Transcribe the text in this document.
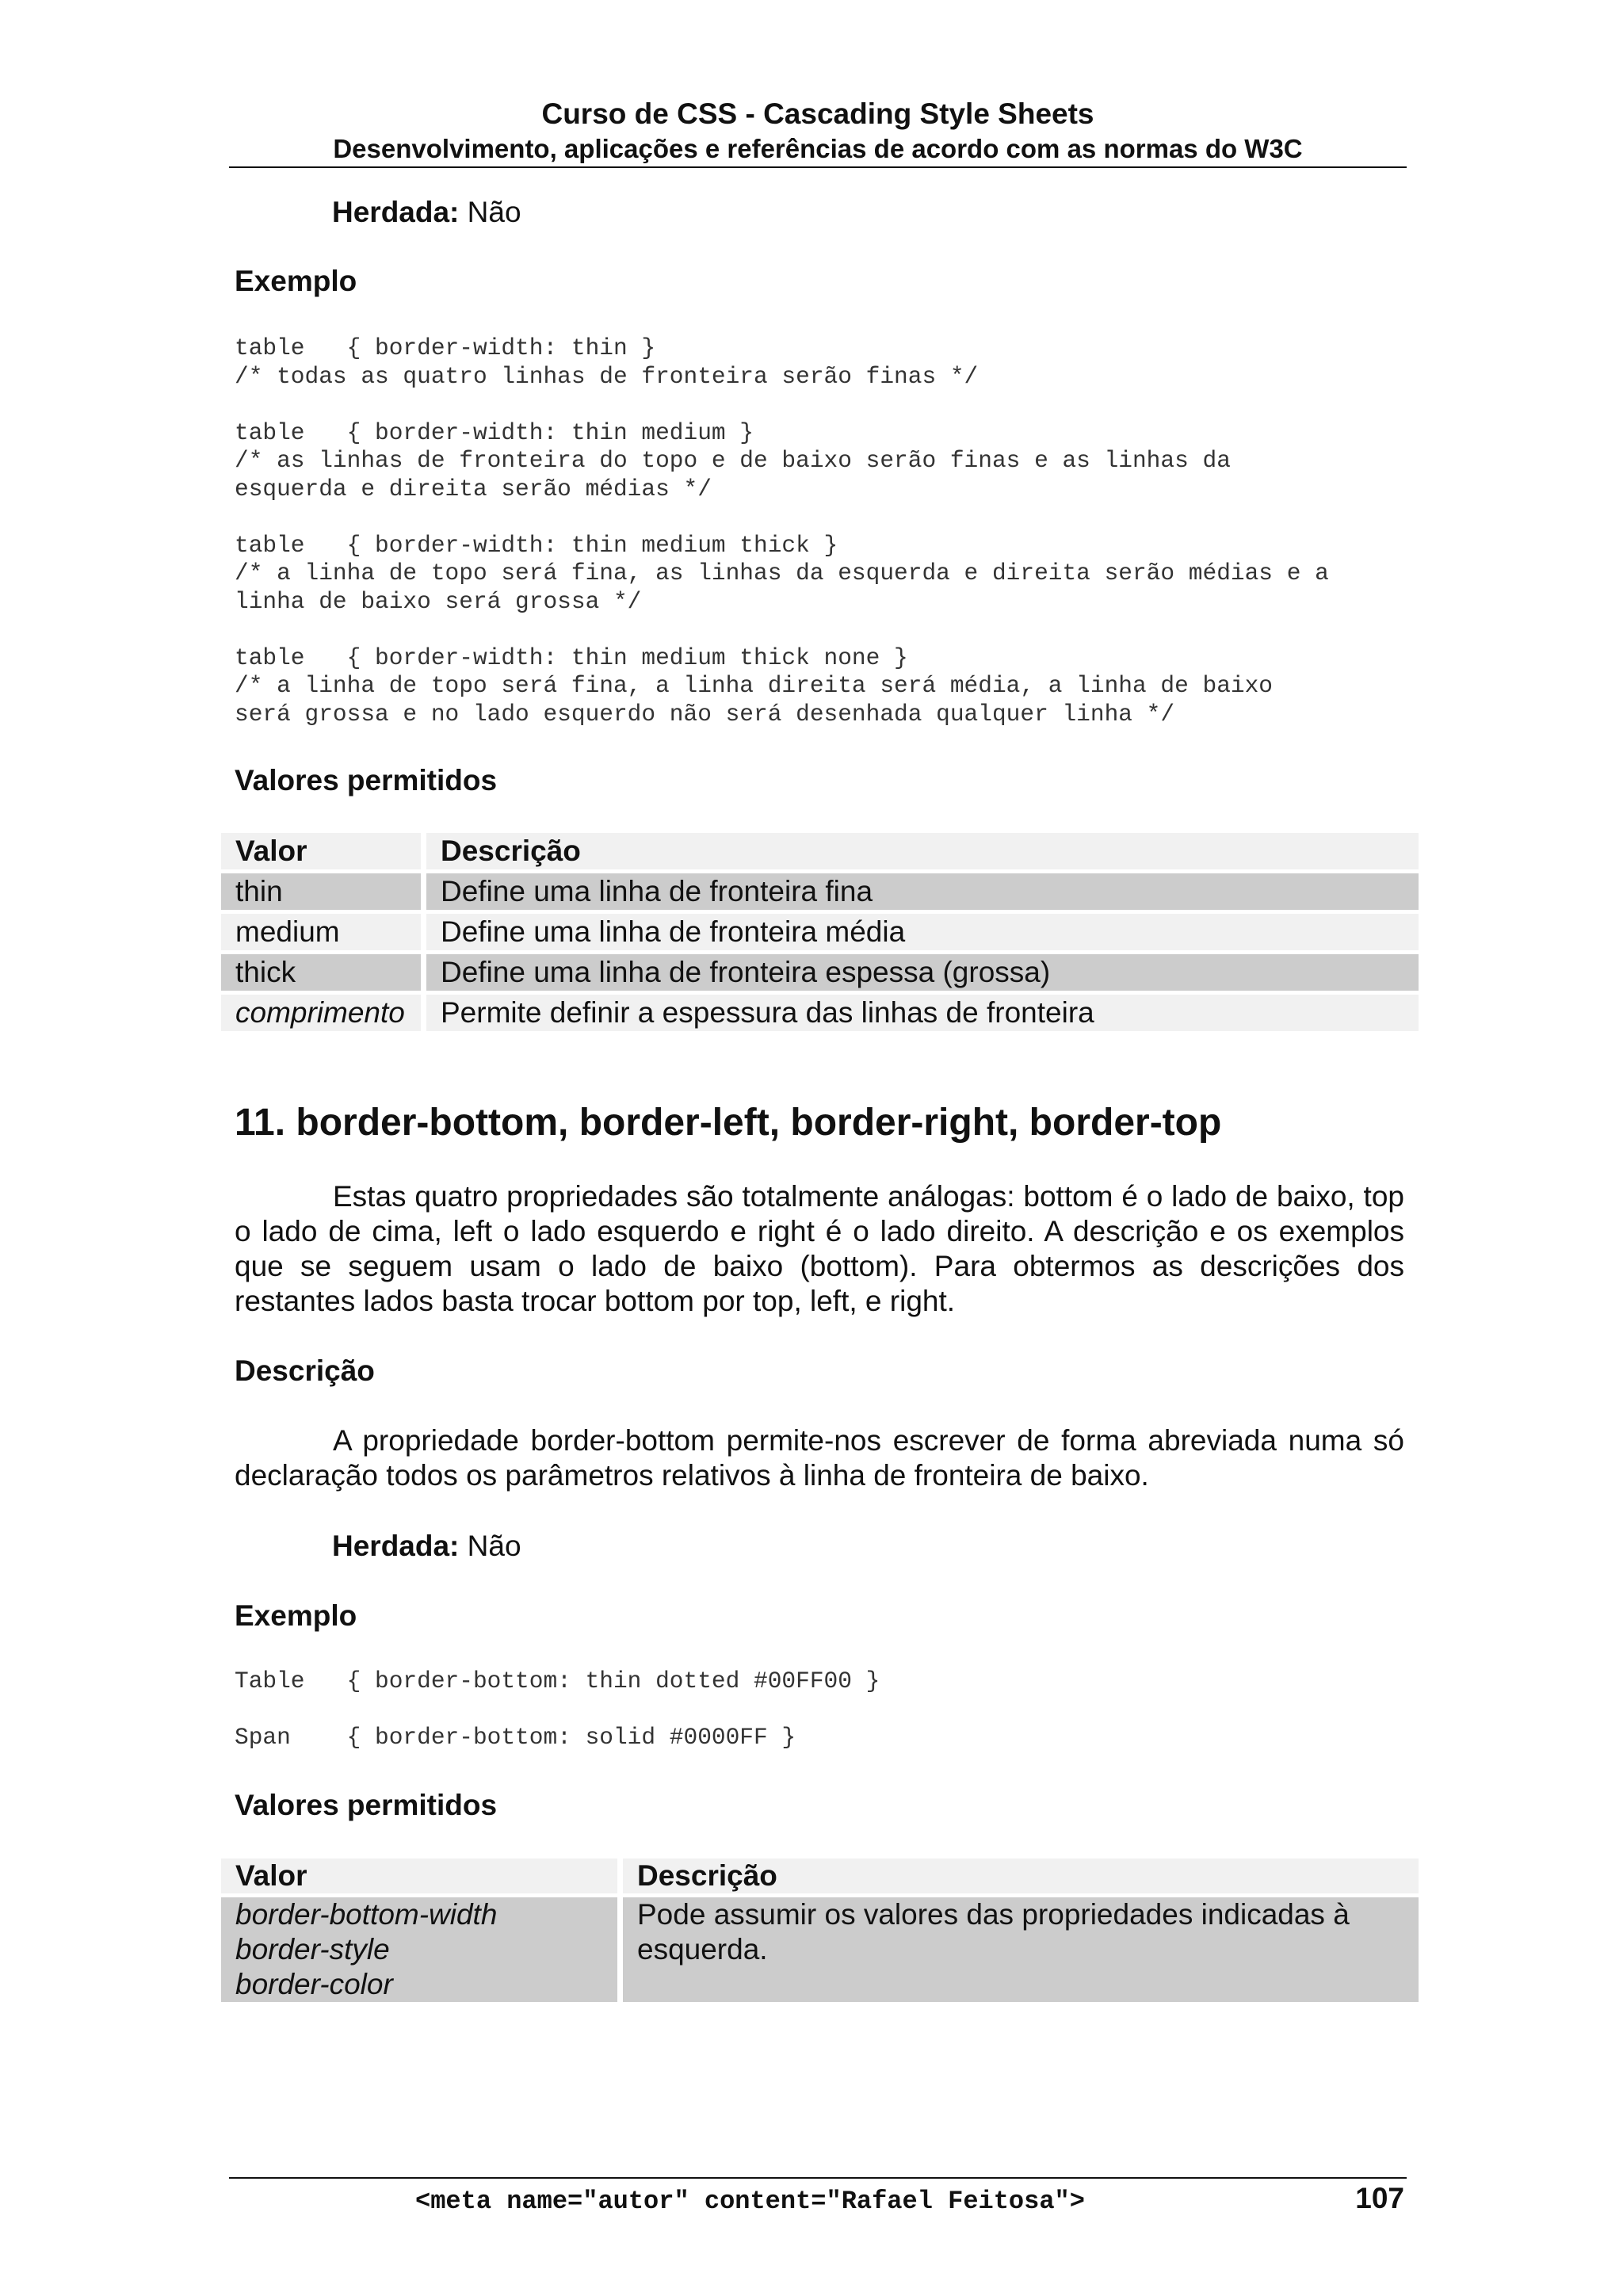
Curso de CSS - Cascading Style Sheets
Desenvolvimento, aplicações e referências de acordo com as normas do W3C
Herdada: Não
Exemplo
table   { border-width: thin }
/* todas as quatro linhas de fronteira serão finas */

table   { border-width: thin medium }
/* as linhas de fronteira do topo e de baixo serão finas e as linhas da
esquerda e direita serão médias */

table   { border-width: thin medium thick }
/* a linha de topo será fina, as linhas da esquerda e direita serão médias e a
linha de baixo será grossa */

table   { border-width: thin medium thick none }
/* a linha de topo será fina, a linha direita será média, a linha de baixo
será grossa e no lado esquerdo não será desenhada qualquer linha */
Valores permitidos
Valor	Descrição
thin	Define uma linha de fronteira fina
medium	Define uma linha de fronteira média
thick	Define uma linha de fronteira espessa (grossa)
comprimento	Permite definir a espessura das linhas de fronteira
11. border-bottom, border-left, border-right, border-top

Estas quatro propriedades são totalmente análogas: bottom é o lado de baixo, top o lado de cima, left o lado esquerdo e right é o lado direito. A descrição e os exemplos que se seguem usam o lado de baixo (bottom). Para obtermos as descrições dos restantes lados basta trocar bottom por top, left, e right.

Descrição

A propriedade border-bottom permite-nos escrever de forma abreviada numa só declaração todos os parâmetros relativos à linha de fronteira de baixo.

Herdada: Não
Exemplo
Table   { border-bottom: thin dotted #00FF00 }

Span    { border-bottom: solid #0000FF }
Valores permitidos
Valor	Descrição

border-bottom-width
border-style
border-color	Pode assumir os valores das propriedades indicadas à esquerda.
<meta name="autor" content="Rafael Feitosa">	107
